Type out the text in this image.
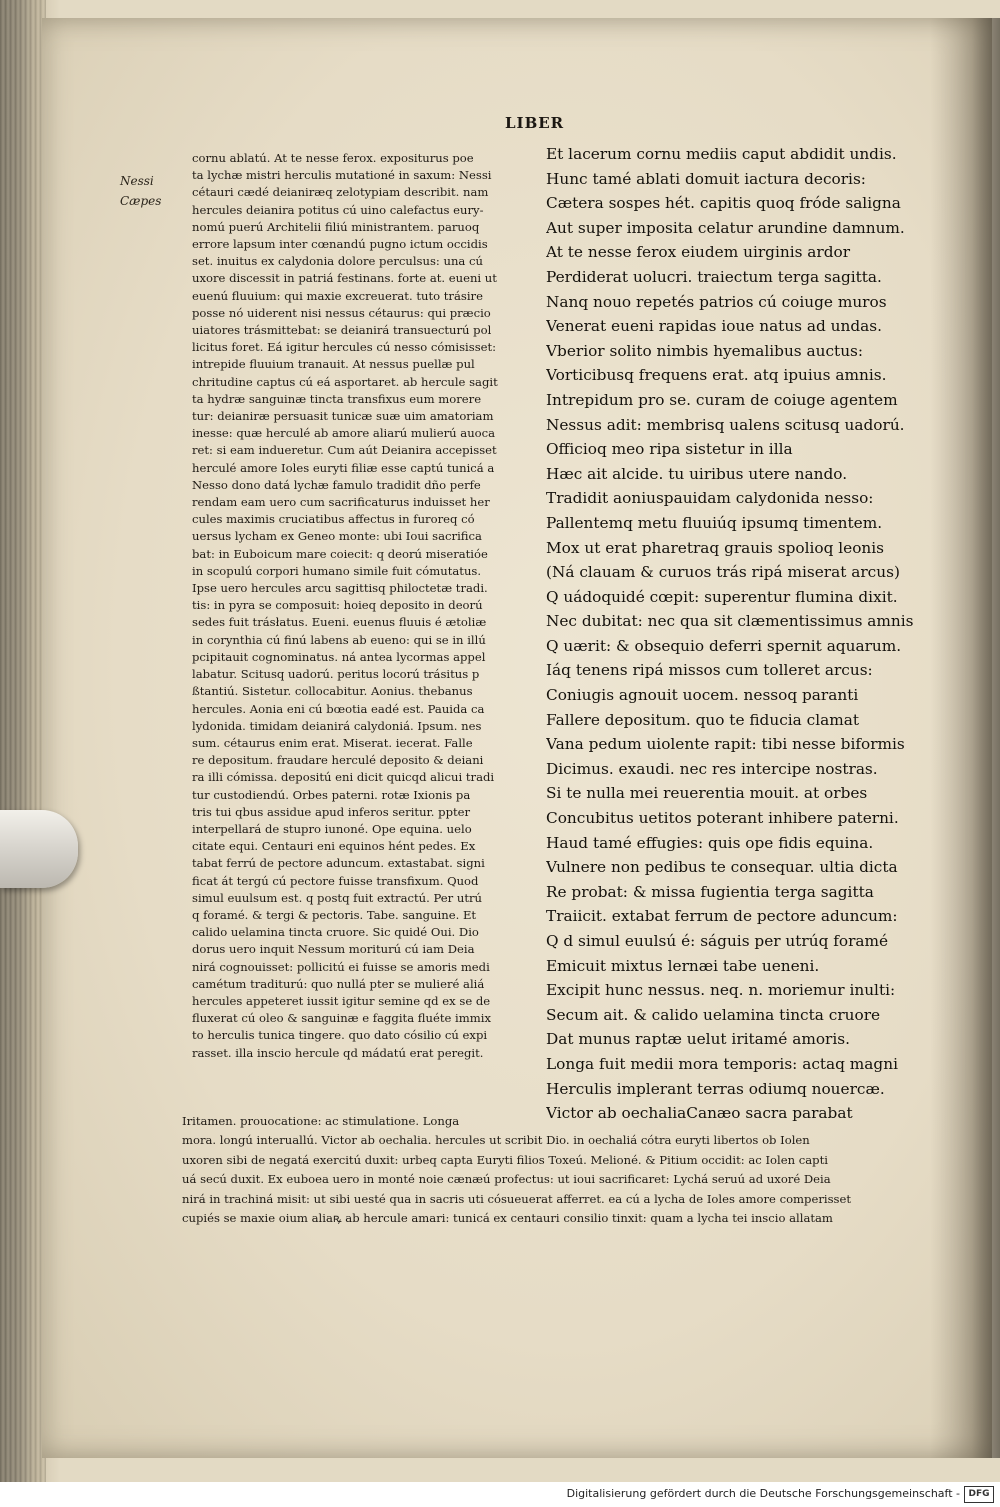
LIBER
Nessi
Cæpes
cornu ablatú. At te nesse ferox. expositurus poe
ta lychæ mistri herculis mutationé in saxum: Nessi
cétauri cædé deianiræq zelotypiam describit. nam
hercules deianira potitus cú uino calefactus eury-
nomú puerú Architelii filiú ministrantem. paruoq
errore lapsum inter cœnandú pugno ictum occidis
set. inuitus ex calydonia dolore perculsus: una cú
uxore discessit in patriá festinans. forte at. eueni ut
euenú fluuium: qui maxie excreuerat. tuto trásire
posse nó uiderent nisi nessus cétaurus: qui præcio
uiatores trásmittebat: se deianirá transuecturú pol
licitus foret. Eá igitur hercules cú nesso cómisisset:
intrepide fluuium tranauit. At nessus puellæ pul
chritudine captus cú eá asportaret. ab hercule sagit
ta hydræ sanguinæ tincta transfixus eum morere
tur: deianiræ persuasit tunicæ suæ uim amatoriam
inesse: quæ herculé ab amore aliarú mulierú auoca
ret: si eam indueretur. Cum aút Deianira accepisset
herculé amore Ioles euryti filiæ esse captú tunicá a
Nesso dono datá lychæ famulo tradidit dño perfe
rendam eam uero cum sacrificaturus induisset her
cules maximis cruciatibus affectus in furoreq có
uersus lycham ex Geneo monte: ubi Ioui sacrifica
bat: in Euboicum mare coiecit: q deorú miseratióe
in scopulú corpori humano simile fuit cómutatus.
Ipse uero hercules arcu sagittisq philoctetæ tradi.
tis: in pyra se composuit: hoieq deposito in deorú
sedes fuit trásłatus. Eueni. euenus fluuis é ætoliæ
in corynthia cú finú labens ab eueno: qui se in illú
pcipitauit cognominatus. ná antea lycormas appel
labatur. Scitusq uadorú. peritus locorú trásitus p
ßtantiú. Sistetur. collocabitur. Aonius. thebanus
hercules. Aonia eni cú bœotia eadé est. Pauida ca
lydonida. timidam deianirá calydoniá. Ipsum. nes
sum. cétaurus enim erat. Miserat. iecerat. Falle
re depositum. fraudare herculé deposito & deiani
ra illi cómissa. depositú eni dicit quicqd alicui tradi
tur custodiendú. Orbes paterni. rotæ Ixionis pa
tris tui qbus assidue apud inferos seritur. ppter
interpellará de stupro iunoné. Ope equina. uelo
citate equi. Centauri eni equinos hént pedes. Ex
tabat ferrú de pectore aduncum. extastabat. signi
ficat át tergú cú pectore fuisse transfixum. Quod
simul euulsum est. q postq fuit extractú. Per utrú
q foramé. & tergi & pectoris. Tabe. sanguine. Et
calido uelamina tincta cruore. Sic quidé Oui. Dio
dorus uero inquit Nessum moriturú cú iam Deia
nirá cognouisset: pollicitú ei fuisse se amoris medi
camétum traditurú: quo nullá pter se mulieré aliá
hercules appeteret iussit igitur semine qd ex se de
fluxerat cú oleo & sanguinæ e faggita fluéte immix
to herculis tunica tingere. quo dato cósilio cú expi
rasset. illa inscio hercule qd mádatú erat peregit.
Et lacerum cornu mediis caput abdidit undis.
Hunc tamé ablati domuit iactura decoris:
Cætera sospes hét. capitis quoq fróde saligna
Aut super imposita celatur arundine damnum.
At te nesse ferox eiudem uirginis ardor
Perdiderat uolucri. traiectum terga sagitta.
Nanq nouo repetés patrios cú coiuge muros
Venerat eueni rapidas ioue natus ad undas.
Vberior solito nimbis hyemalibus auctus:
Vorticibusq frequens erat. atq ipuius amnis.
Intrepidum pro se. curam de coiuge agentem
Nessus adit: membrisq ualens scitusq uadorú.
Officioq meo ripa sistetur in illa
Hæc ait alcide. tu uiribus utere nando.
Tradidit aoniuspauidam calydonida nesso:
Pallentemq metu fluuiúq ipsumq timentem.
Mox ut erat pharetraq grauis spolioq leonis
(Ná clauam & curuos trás ripá miserat arcus)
Q uádoquidé cœpit: superentur flumina dixit.
Nec dubitat: nec qua sit clæmentissimus amnis
Q uærit: & obsequio deferri spernit aquarum.
Iáq tenens ripá missos cum tolleret arcus:
Coniugis agnouit uocem. nessoq paranti
Fallere depositum. quo te fiducia clamat
Vana pedum uiolente rapit: tibi nesse biformis
Dicimus. exaudi. nec res intercipe nostras.
Si te nulla mei reuerentia mouit. at orbes
Concubitus uetitos poterant inhibere paterni.
Haud tamé effugies: quis ope fidis equina.
Vulnere non pedibus te consequar. ultia dicta
Re probat: & missa fugientia terga sagitta
Traiicit. extabat ferrum de pectore aduncum:
Q d simul euulsú é: ságuis per utrúq foramé
Emicuit mixtus lernæi tabe ueneni.
Excipit hunc nessus. neq. n. moriemur inulti:
Secum ait. & calido uelamina tincta cruore
Dat munus raptæ uelut iritamé amoris.
Longa fuit medii mora temporis: actaq magni
Herculis implerant terras odiumq nouercæ.
Victor ab oechaliaCanæo sacra parabat
Iritamen. prouocatione: ac stimulatione. Longa
mora. longú interuallú. Victor ab oechalia. hercules ut scribit Dio. in oechaliá cótra euryti libertos ob Iolen
uxoren sibi de negatá exercitú duxit: urbeq capta Euryti filios Toxeú. Melioné. & Pitium occidit: ac Iolen capti
uá secú duxit. Ex euboea uero in monté noie cænæú profectus: ut ioui sacrificaret: Lychá seruú ad uxoré Deia
nirá in trachiná misit: ut sibi uesté qua in sacris uti cósueuerat afferret. ea cú a lycha de Ioles amore comperisset
cupiés se maxie oium aliaꝶ ab hercule amari: tunicá ex centauri consilio tinxit: quam a lycha tei inscio allatam
Digitalisierung gefördert durch die Deutsche Forschungsgemeinschaft - DFG
